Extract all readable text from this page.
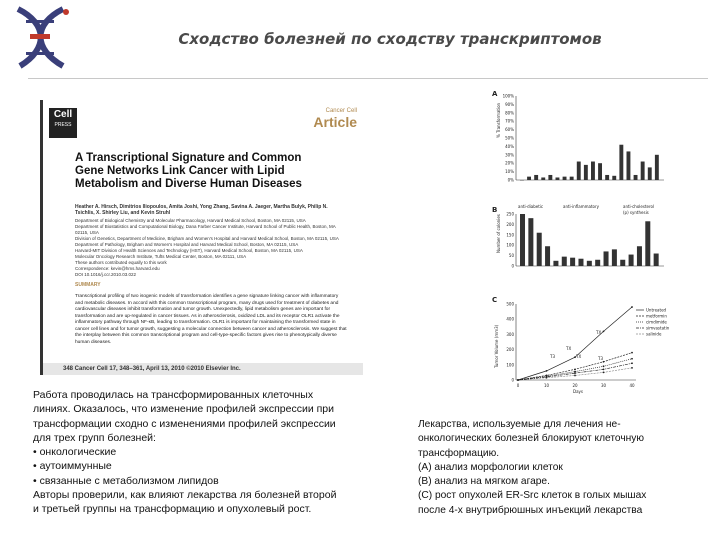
Сходство болезней по сходству транскриптомов
Cell
PRESS
Cancer Cell
Article
A Transcriptional Signature and Common
Gene Networks Link Cancer with Lipid
Metabolism and Diverse Human Diseases
Heather A. Hirsch, Dimitrios Iliopoulos, Amita Joshi, Yong Zhang, Savina A. Jaeger, Martha Bulyk, Philip N. Tsichlis, X. Shirley Liu, and Kevin Struhl
Department of Biological Chemistry and Molecular Pharmacology, Harvard Medical School, Boston, MA 02115, USA
Department of Biostatistics and Computational Biology, Dana Farber Cancer Institute, Harvard School of Public Health, Boston, MA 02115, USA
Division of Genetics, Department of Medicine, Brigham and Women's Hospital and Harvard Medical School, Boston, MA 02115, USA
Department of Pathology, Brigham and Women's Hospital and Harvard Medical School, Boston, MA 02115, USA
Harvard-MIT Division of Health Sciences and Technology (HST), Harvard Medical School, Boston, MA 02115, USA
Molecular Oncology Research Institute, Tufts Medical Center, Boston, MA 02111, USA
These authors contributed equally to this work
Correspondence: kevin@hms.harvard.edu
DOI 10.1016/j.ccr.2010.03.022
SUMMARY
Transcriptional profiling of two isogenic models of transformation identifies a gene signature linking cancer with inflammatory and metabolic diseases. In accord with this common transcriptional program, many drugs used for treatment of diabetes and cardiovascular diseases inhibit transformation and tumor growth. Unexpectedly, lipid metabolism genes are important for transformation and are up-regulated in cancer tissues. As in atherosclerosis, oxidized LDL and its receptor OLR1 activate the inflammatory pathway through NF-κB, leading to transformation. OLR1 is important for maintaining the transformed state in cancer cell lines and for tumor growth, suggesting a molecular connection between cancer and atherosclerosis. We suggest that the interplay between this common transcriptional program and cell-type-specific factors gives rise to phenotypically diverse human diseases.
348 Cancer Cell 17, 348–361, April 13, 2010 ©2010 Elsevier Inc.
A
% Transformation
100%
90%
80%
70%
60%
50%
40%
30%
20%
10%
0%
anti-diabetic	anti-inflammatory	anti-cholesterol
(p) synthesis
B
Number of colonies
250
200
150
100
50
0
C
Tumor Volume (mm3)
500
400
300
200
100
0
0	10	20	30	40
Days
TX
TX
T3	TX	T3
Untreated
metformin
cimdimide
simvastatin
salinide
Работа проводилась на трансформированных клеточных
линиях. Оказалось, что изменение профилей экспрессии при
трансформации сходно с изменениями профилей экспрессии
для трех групп болезней:
• онкологические
• аутоиммунные
• связанные с метаболизмом липидов
Авторы проверили, как влияют лекарства ля болезней второй
и третьей группы на трансформацию и опухолевый рост.
Лекарства, используемые для лечения не-
онкологических болезней блокируют клеточную
трансформацию.
(А) анализ морфологии клеток
(В) анализ на мягком агаре.
(С) рост опухолей ER-Src клеток в голых мышах
после 4-х внутрибрюшных инъекций лекарства
